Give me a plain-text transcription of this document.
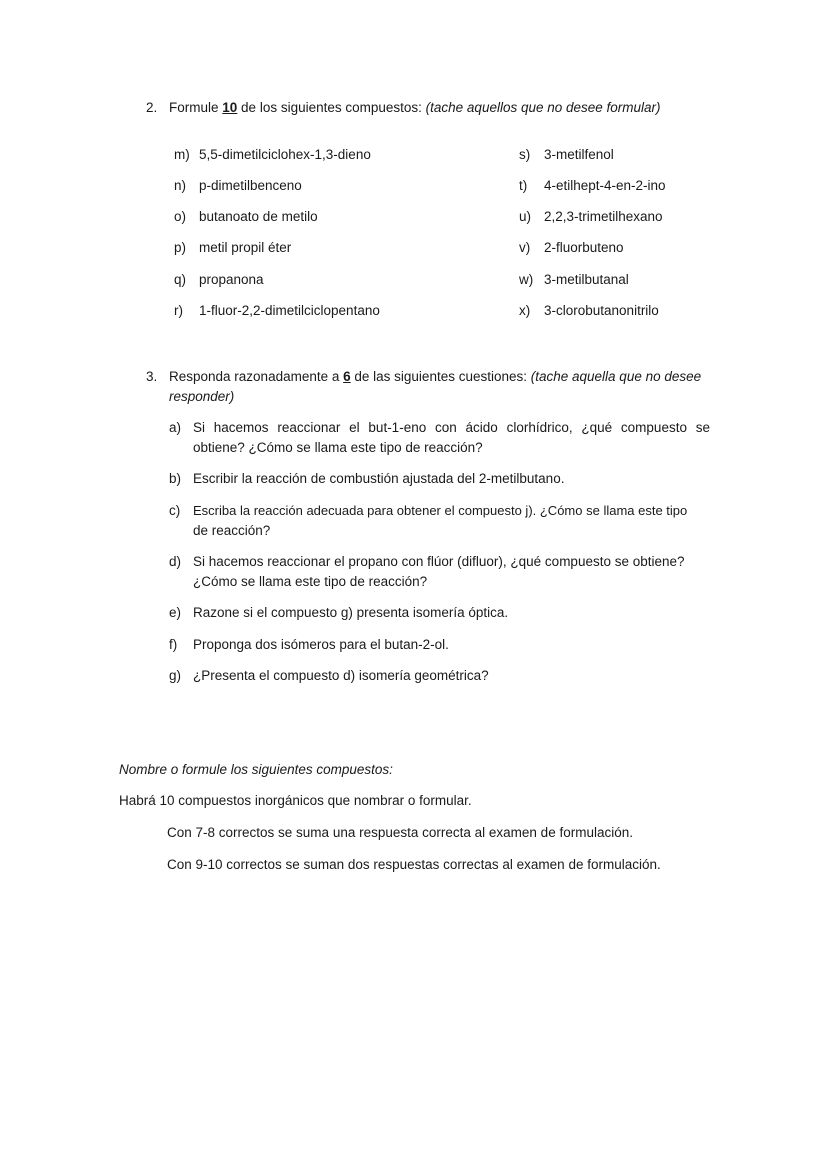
2. Formule 10 de los siguientes compuestos: (tache aquellos que no desee formular)
m) 5,5-dimetilciclohex-1,3-dieno
n) p-dimetilbenceno
o) butanoato de metilo
p) metil propil éter
q) propanona
r) 1-fluor-2,2-dimetilciclopentano
s) 3-metilfenol
t) 4-etilhept-4-en-2-ino
u) 2,2,3-trimetilhexano
v) 2-fluorbuteno
w) 3-metilbutanal
x) 3-clorobutanonitrilo
3. Responda razonadamente a 6 de las siguientes cuestiones: (tache aquella que no desee
responder)
a) Si hacemos reaccionar el but-1-eno con ácido clorhídrico, ¿qué compuesto se
obtiene? ¿Cómo se llama este tipo de reacción?
b) Escribir la reacción de combustión ajustada del 2-metilbutano.
c) Escriba la reacción adecuada para obtener el compuesto j). ¿Cómo se llama este tipo
de reacción?
d) Si hacemos reaccionar el propano con flúor (difluor), ¿qué compuesto se obtiene?
¿Cómo se llama este tipo de reacción?
e) Razone si el compuesto g) presenta isomería óptica.
f) Proponga dos isómeros para el butan-2-ol.
g) ¿Presenta el compuesto d) isomería geométrica?
Nombre o formule los siguientes compuestos:
Habrá 10 compuestos inorgánicos que nombrar o formular.
Con 7-8 correctos se suma una respuesta correcta al examen de formulación.
Con 9-10 correctos se suman dos respuestas correctas al examen de formulación.
